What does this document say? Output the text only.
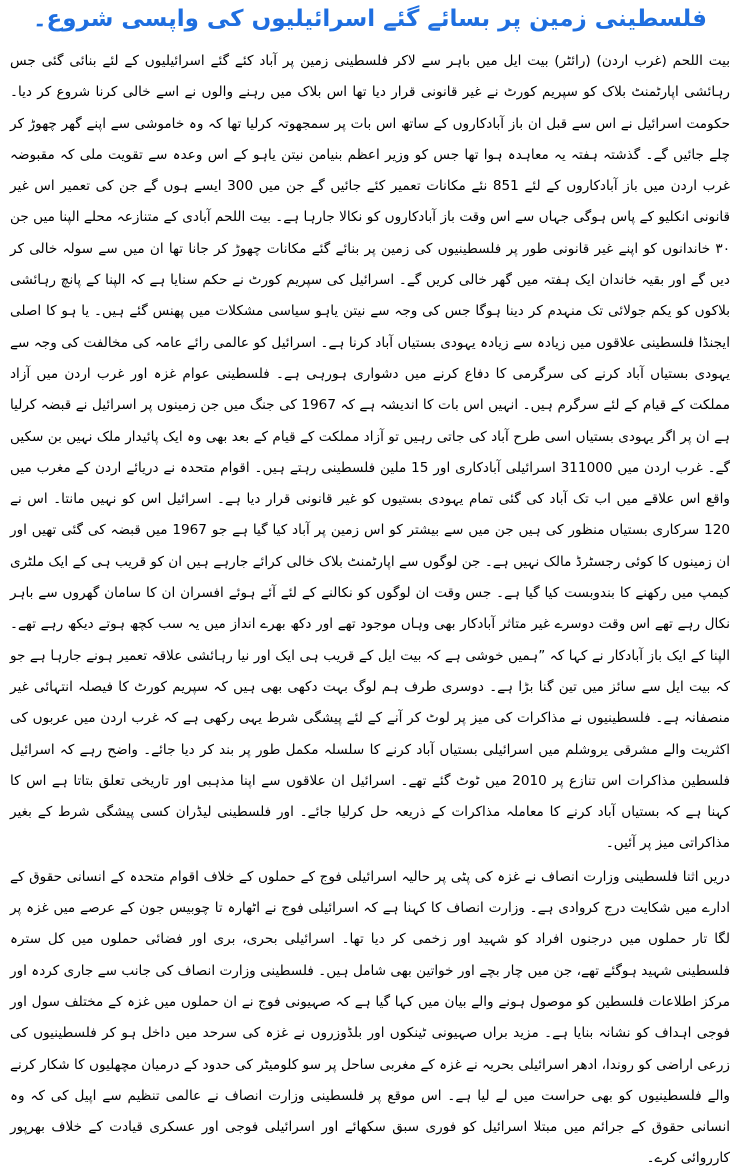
فلسطینی زمین پر بسائے گئے اسرائیلیوں کی واپسی شروع۔

بیت اللحم (غرب اردن) (رائٹر) بیت ایل میں باہر سے لاکر فلسطینی زمین پر آباد کئے گئے اسرائیلیوں کے لئے بنائی گئی جس رہائشی اپارٹمنٹ بلاک کو سپریم کورٹ نے غیر قانونی قرار دیا تھا اس بلاک میں رہنے والوں نے اسے خالی کرنا شروع کر دیا۔ حکومت اسرائیل نے اس سے قبل ان باز آبادکاروں کے ساتھ اس بات پر سمجھوتہ کرلیا تھا کہ وہ خاموشی سے اپنے گھر چھوڑ کر چلے جائیں گے۔ گذشتہ ہفتہ یہ معاہدہ ہوا تھا جس کو وزیر اعظم بنیامن نیتن یاہو کے اس وعدہ سے تقویت ملی کہ مقبوضہ غرب اردن میں باز آبادکاروں کے لئے 851 نئے مکانات تعمیر کئے جائیں گے جن میں 300 ایسے ہوں گے جن کی تعمیر اس غیر قانونی انکلیو کے پاس ہوگی جہاں سے اس وقت باز آبادکاروں کو نکالا جارہا ہے۔ بیت اللحم آبادی کے متنازعہ محلے الپنا میں جن ۳۰ خاندانوں کو اپنے غیر قانونی طور پر فلسطینیوں کی زمین پر بنائے گئے مکانات چھوڑ کر جانا تھا ان میں سے سولہ خالی کر دیں گے اور بقیہ خاندان ایک ہفتہ میں گھر خالی کریں گے۔ اسرائیل کی سپریم کورٹ نے حکم سنایا ہے کہ الپنا کے پانچ رہائشی بلاکوں کو یکم جولائی تک منہدم کر دینا ہوگا جس کی وجہ سے نیتن یاہو سیاسی مشکلات میں پھنس گئے ہیں۔ یا ہو کا اصلی ایجنڈا فلسطینی علاقوں میں زیادہ سے زیادہ یہودی بستیاں آباد کرنا ہے۔ اسرائیل کو عالمی رائے عامہ کی مخالفت کی وجہ سے یہودی بستیاں آباد کرنے کی سرگرمی کا دفاع کرنے میں دشواری ہورہی ہے۔ فلسطینی عوام غزہ اور غرب اردن میں آزاد مملکت کے قیام کے لئے سرگرم ہیں۔ انہیں اس بات کا اندیشہ ہے کہ 1967 کی جنگ میں جن زمینوں پر اسرائیل نے قبضہ کرلیا ہے ان پر اگر یہودی بستیاں اسی طرح آباد کی جاتی رہیں تو آزاد مملکت کے قیام کے بعد بھی وہ ایک پائیدار ملک نہیں بن سکیں گے۔ غرب اردن میں 311000 اسرائیلی آبادکاری اور 15 ملین فلسطینی رہتے ہیں۔ اقوام متحدہ نے دریائے اردن کے مغرب میں واقع اس علاقے میں اب تک آباد کی گئی تمام یہودی بستیوں کو غیر قانونی قرار دیا ہے۔ اسرائیل اس کو نہیں مانتا۔ اس نے 120 سرکاری بستیاں منظور کی ہیں جن میں سے بیشتر کو اس زمین پر آباد کیا گیا ہے جو 1967 میں قبضہ کی گئی تھیں اور ان زمینوں کا کوئی رجسٹرڈ مالک نہیں ہے۔ جن لوگوں سے اپارٹمنٹ بلاک خالی کرائے جارہے ہیں ان کو قریب ہی کے ایک ملٹری کیمپ میں رکھنے کا بندوبست کیا گیا ہے۔ جس وقت ان لوگوں کو نکالنے کے لئے آئے ہوئے افسران ان کا سامان گھروں سے باہر نکال رہے تھے اس وقت دوسرے غیر متاثر آبادکار بھی وہاں موجود تھے اور دکھ بھرے انداز میں یہ سب کچھ ہوتے دیکھ رہے تھے۔ الپنا کے ایک باز آبادکار نے کہا کہ ”ہمیں خوشی ہے کہ بیت ایل کے قریب ہی ایک اور نیا رہائشی علاقہ تعمیر ہونے جارہا ہے جو کہ بیت ایل سے سائز میں تین گنا بڑا ہے۔ دوسری طرف ہم لوگ بہت دکھی بھی ہیں کہ سپریم کورٹ کا فیصلہ انتہائی غیر منصفانہ ہے۔ فلسطینیوں نے مذاکرات کی میز پر لوٹ کر آنے کے لئے پیشگی شرط یہی رکھی ہے کہ غرب اردن میں عربوں کی اکثریت والے مشرقی یروشلم میں اسرائیلی بستیاں آباد کرنے کا سلسلہ مکمل طور پر بند کر دیا جائے۔ واضح رہے کہ اسرائیل فلسطین مذاکرات اس تنازع پر 2010 میں ٹوٹ گئے تھے۔ اسرائیل ان علاقوں سے اپنا مذہبی اور تاریخی تعلق بتاتا ہے اس کا کہنا ہے کہ بستیاں آباد کرنے کا معاملہ مذاکرات کے ذریعہ حل کرلیا جائے۔ اور فلسطینی لیڈران کسی پیشگی شرط کے بغیر مذاکراتی میز پر آئیں۔

دریں اثنا فلسطینی وزارت انصاف نے غزہ کی پٹی پر حالیہ اسرائیلی فوج کے حملوں کے خلاف اقوام متحدہ کے انسانی حقوق کے ادارے میں شکایت درج کروادی ہے۔ وزارت انصاف کا کہنا ہے کہ اسرائیلی فوج نے اٹھارہ تا چوبیس جون کے عرصے میں غزہ پر لگا تار حملوں میں درجنوں افراد کو شہید اور زخمی کر دیا تھا۔ اسرائیلی بحری، بری اور فضائی حملوں میں کل سترہ فلسطینی شہید ہوگئے تھے، جن میں چار بچے اور خواتین بھی شامل ہیں۔ فلسطینی وزارت انصاف کی جانب سے جاری کردہ اور مرکز اطلاعات فلسطین کو موصول ہونے والے بیان میں کہا گیا ہے کہ صہیونی فوج نے ان حملوں میں غزہ کے مختلف سول اور فوجی اہداف کو نشانہ بنایا ہے۔ مزید براں صہیونی ٹینکوں اور بلڈوزروں نے غزہ کی سرحد میں داخل ہو کر فلسطینیوں کی زرعی اراضی کو روندا، ادھر اسرائیلی بحریہ نے غزہ کے مغربی ساحل پر سو کلومیٹر کی حدود کے درمیان مچھلیوں کا شکار کرنے والے فلسطینیوں کو بھی حراست میں لے لیا ہے۔ اس موقع پر فلسطینی وزارت انصاف نے عالمی تنظیم سے اپیل کی کہ وہ انسانی حقوق کے جرائم میں مبتلا اسرائیل کو فوری سبق سکھائے اور اسرائیلی فوجی اور عسکری قیادت کے خلاف بھرپور کارروائی کرے۔
